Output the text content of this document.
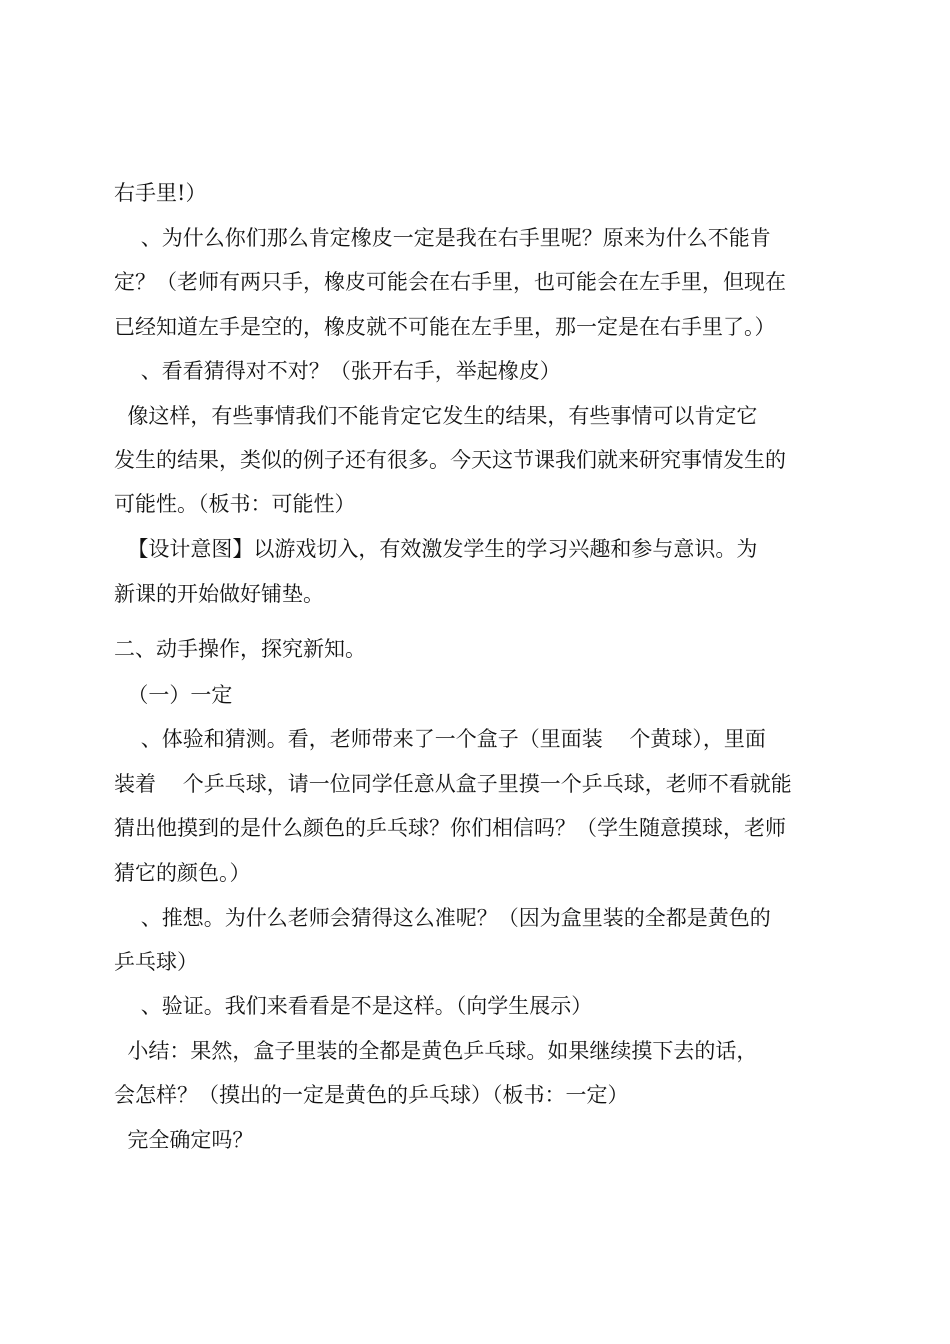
右手里!）
、为什么你们那么肯定橡皮一定是我在右手里呢？原来为什么不能肯
定？（老师有两只手，橡皮可能会在右手里，也可能会在左手里，但现在
已经知道左手是空的，橡皮就不可能在左手里，那一定是在右手里了。）
、看看猜得对不对？（张开右手，举起橡皮）
像这样，有些事情我们不能肯定它发生的结果，有些事情可以肯定它
发生的结果，类似的例子还有很多。今天这节课我们就来研究事情发生的
可能性。（板书：可能性）
【设计意图】以游戏切入，有效激发学生的学习兴趣和参与意识。为
新课的开始做好铺垫。
二、动手操作，探究新知。
（一）一定
、体验和猜测。看，老师带来了一个盒子（里面装    个黄球），里面
装着    个乒乓球，请一位同学任意从盒子里摸一个乒乓球，老师不看就能
猜出他摸到的是什么颜色的乒乓球？你们相信吗？（学生随意摸球，老师
猜它的颜色。）
、推想。为什么老师会猜得这么准呢？（因为盒里装的全都是黄色的
乒乓球）
、验证。我们来看看是不是这样。（向学生展示）
小结：果然，盒子里装的全都是黄色乒乓球。如果继续摸下去的话，
会怎样？（摸出的一定是黄色的乒乓球）（板书：一定）
完全确定吗？
